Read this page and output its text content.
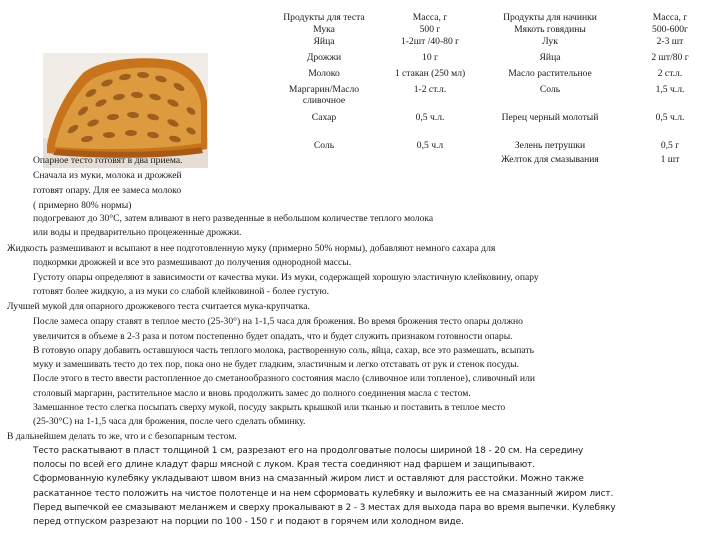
Продукты для теста	Масса, г	Продукты для начинки	Масса, г
Мука	500 г	Мякоть говядины	500-600г
Яйца	1-2шт /40-80 г	Лук	2-3 шт
Дрожжи	10 г	Яйца	2 шт/80 г
Молоко	1 стакан (250 мл)	Масло растительное	2 ст.л.
Маргарин/Масло сливочное	1-2 ст.л.	Соль	1,5 ч.л.
Сахар	0,5 ч.л.	Перец черный молотый	0,5 ч.л.
Соль	0,5 ч.л	Зелень петрушки	0,5 г
		Желток для смазывания	1 шт
Опарное тесто готовят в два приема.
Сначала из муки, молока и дрожжей
готовят опару. Для ее замеса молоко
( примерно 80% нормы)
подогревают до 30°С, затем вливают в него разведенные в небольшом количестве теплого молока
или воды и предварительно процеженные дрожжи.
Жидкость размешивают и всыпают в нее подготовленную муку (примерно 50% нормы), добавляют немного сахара для
подкормки дрожжей и все это размешивают до получения однородной массы.
Густоту опары определяют в зависимости от качества муки. Из муки, содержащей хорошую эластичную клейковину, опару
готовят более жидкую, а из муки со слабой клейковиной - более густую.
Лучшей мукой для опарного дрожжевого теста считается мука-крупчатка.
После замеса опару ставят в теплое место (25-30°) на 1-1,5 часа для брожения. Во время брожения тесто опары должно
увеличится в объеме в 2-3 раза и потом постепенно будет опадать, что и будет служить признаком готовности опары.
В готовую опару добавить оставшуюся часть теплого молока, растворенную соль, яйца, сахар, все это размешать, всыпать
муку и замешивать тесто до тех пор, пока оно не будет гладким, эластичным и легко отставать от рук и стенок посуды.
После этого в тесто ввести растопленное до сметанообразного состояния масло (сливочное или топленое), сливочный или
столовый маргарин, растительное масло и вновь продолжить замес до полного соединения масла с тестом.
Замешанное тесто слегка посыпать сверху мукой, посуду закрыть крышкой или тканью и поставить в теплое место
(25-30°С) на 1-1,5 часа для брожения, после чего сделать обминку.
В дальнейшем делать то же, что и с безопарным тестом.
Тесто раскатывают в пласт толщиной 1 см, разрезают его на продолговатые полосы шириной 18 - 20 см. На середину
полосы по всей его длине кладут фарш мясной с луком. Края теста соединяют над фаршем и защипывают.
Сформованную кулебяку укладывают швом вниз на смазанный жиром лист и оставляют для расстойки. Можно также
раскатанное тесто положить на чистое полотенце и на нем сформовать кулебяку и выложить ее на смазанный жиром лист.
Перед выпечкой ее смазывают меланжем и сверху прокалывают в 2 - 3 местах для выхода пара во время выпечки. Кулебяку
перед отпуском разрезают на порции по 100 - 150 г и подают в горячем или холодном виде.
